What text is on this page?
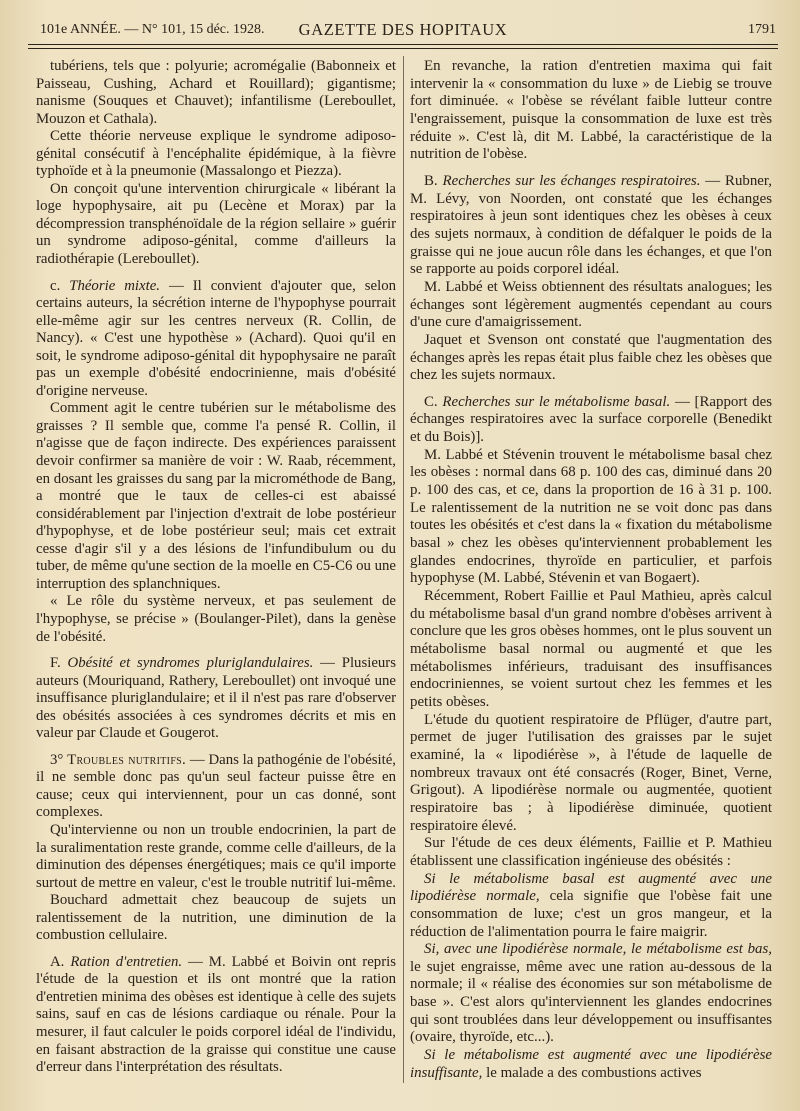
101e ANNÉE. — N° 101, 15 déc. 1928.	GAZETTE DES HOPITAUX	1791

tubériens, tels que : polyurie; acromégalie (Babonneix et Paisseau, Cushing, Achard et Rouillard); gigantisme; nanisme (Souques et Chauvet); infantilisme (Lereboullet, Mouzon et Cathala).

Cette théorie nerveuse explique le syndrome adiposo-génital consécutif à l'encéphalite épidémique, à la fièvre typhoïde et à la pneumonie (Massalongo et Piezza).

On conçoit qu'une intervention chirurgicale « libérant la loge hypophysaire, ait pu (Lecène et Morax) par la décompression transphénoïdale de la région sellaire » guérir un syndrome adiposo-génital, comme d'ailleurs la radiothérapie (Lereboullet).

c. Théorie mixte. — Il convient d'ajouter que, selon certains auteurs, la sécrétion interne de l'hypophyse pourrait elle-même agir sur les centres nerveux (R. Collin, de Nancy). « C'est une hypothèse » (Achard). Quoi qu'il en soit, le syndrome adiposo-génital dit hypophysaire ne paraît pas un exemple d'obésité endocrinienne, mais d'obésité d'origine nerveuse.

Comment agit le centre tubérien sur le métabolisme des graisses ? Il semble que, comme l'a pensé R. Collin, il n'agisse que de façon indirecte. Des expériences paraissent devoir confirmer sa manière de voir : W. Raab, récemment, en dosant les graisses du sang par la microméthode de Bang, a montré que le taux de celles-ci est abaissé considérablement par l'injection d'extrait de lobe postérieur d'hypophyse, et de lobe postérieur seul; mais cet extrait cesse d'agir s'il y a des lésions de l'infundibulum ou du tuber, de même qu'une section de la moelle en C5-C6 ou une interruption des splanchniques.

« Le rôle du système nerveux, et pas seulement de l'hypophyse, se précise » (Boulanger-Pilet), dans la genèse de l'obésité.

F. Obésité et syndromes pluriglandulaires. — Plusieurs auteurs (Mouriquand, Rathery, Lereboullet) ont invoqué une insuffisance pluriglandulaire; et il il n'est pas rare d'observer des obésités associées à ces syndromes décrits et mis en valeur par Claude et Gougerot.

3° Troubles nutritifs. — Dans la pathogénie de l'obésité, il ne semble donc pas qu'un seul facteur puisse être en cause; ceux qui interviennent, pour un cas donné, sont complexes.

Qu'intervienne ou non un trouble endocrinien, la part de la suralimentation reste grande, comme celle d'ailleurs, de la diminution des dépenses énergétiques; mais ce qu'il importe surtout de mettre en valeur, c'est le trouble nutritif lui-même.

Bouchard admettait chez beaucoup de sujets un ralentissement de la nutrition, une diminution de la combustion cellulaire.

A. Ration d'entretien. — M. Labbé et Boivin ont repris l'étude de la question et ils ont montré que la ration d'entretien minima des obèses est identique à celle des sujets sains, sauf en cas de lésions cardiaque ou rénale. Pour la mesurer, il faut calculer le poids corporel idéal de l'individu, en faisant abstraction de la graisse qui constitue une cause d'erreur dans l'interprétation des résultats.

En revanche, la ration d'entretien maxima qui fait intervenir la « consommation du luxe » de Liebig se trouve fort diminuée. « l'obèse se révélant faible lutteur contre l'engraissement, puisque la consommation de luxe est très réduite ». C'est là, dit M. Labbé, la caractéristique de la nutrition de l'obèse.

B. Recherches sur les échanges respiratoires. — Rubner, M. Lévy, von Noorden, ont constaté que les échanges respiratoires à jeun sont identiques chez les obèses à ceux des sujets normaux, à condition de défalquer le poids de la graisse qui ne joue aucun rôle dans les échanges, et que l'on se rapporte au poids corporel idéal.

M. Labbé et Weiss obtiennent des résultats analogues; les échanges sont légèrement augmentés cependant au cours d'une cure d'amaigrissement.

Jaquet et Svenson ont constaté que l'augmentation des échanges après les repas était plus faible chez les obèses que chez les sujets normaux.

C. Recherches sur le métabolisme basal. — [Rapport des échanges respiratoires avec la surface corporelle (Benedikt et du Bois)].

M. Labbé et Stévenin trouvent le métabolisme basal chez les obèses : normal dans 68 p. 100 des cas, diminué dans 20 p. 100 des cas, et ce, dans la proportion de 16 à 31 p. 100. Le ralentissement de la nutrition ne se voit donc pas dans toutes les obésités et c'est dans la « fixation du métabolisme basal » chez les obèses qu'interviennent probablement les glandes endocrines, thyroïde en particulier, et parfois hypophyse (M. Labbé, Stévenin et van Bogaert).

Récemment, Robert Faillie et Paul Mathieu, après calcul du métabolisme basal d'un grand nombre d'obèses arrivent à conclure que les gros obèses hommes, ont le plus souvent un métabolisme basal normal ou augmenté et que les métabolismes inférieurs, traduisant des insuffisances endocriniennes, se voient surtout chez les femmes et les petits obèses.

L'étude du quotient respiratoire de Pflüger, d'autre part, permet de juger l'utilisation des graisses par le sujet examiné, la « lipodiérèse », à l'étude de laquelle de nombreux travaux ont été consacrés (Roger, Binet, Verne, Grigout). A lipodiérèse normale ou augmentée, quotient respiratoire bas ; à lipodiérèse diminuée, quotient respiratoire élevé.

Sur l'étude de ces deux éléments, Faillie et P. Mathieu établissent une classification ingénieuse des obésités :

Si le métabolisme basal est augmenté avec une lipodiérèse normale, cela signifie que l'obèse fait une consommation de luxe; c'est un gros mangeur, et la réduction de l'alimentation pourra le faire maigrir.

Si, avec une lipodiérèse normale, le métabolisme est bas, le sujet engraisse, même avec une ration au-dessous de la normale; il « réalise des économies sur son métabolisme de base ». C'est alors qu'interviennent les glandes endocrines qui sont troublées dans leur développement ou insuffisantes (ovaire, thyroïde, etc...).

Si le métabolisme est augmenté avec une lipodiérèse insuffisante, le malade a des combustions actives
